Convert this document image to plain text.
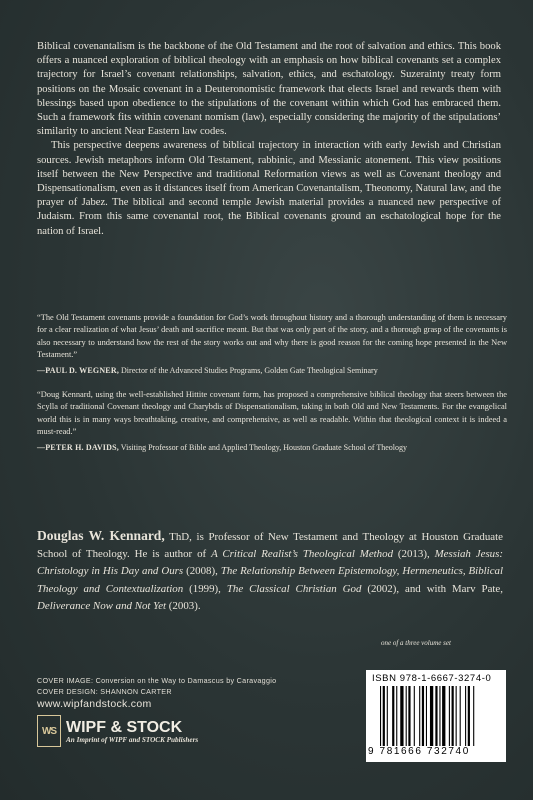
Biblical covenantalism is the backbone of the Old Testament and the root of salvation and ethics. This book offers a nuanced exploration of biblical theology with an emphasis on how biblical covenants set a complex trajectory for Israel’s covenant relationships, salvation, ethics, and eschatology. Suzerainty treaty form positions on the Mosaic covenant in a Deuteronomistic framework that elects Israel and rewards them with blessings based upon obedience to the stipulations of the covenant within which God has embraced them. Such a framework fits within covenant nomism (law), especially considering the majority of the stipulations’ similarity to ancient Near Eastern law codes.

This perspective deepens awareness of biblical trajectory in interaction with early Jewish and Christian sources. Jewish metaphors inform Old Testament, rabbinic, and Messianic atonement. This view positions itself between the New Perspective and traditional Reformation views as well as Covenant theology and Dispensationalism, even as it distances itself from American Covenantalism, Theonomy, Natural law, and the prayer of Jabez. The biblical and second temple Jewish material provides a nuanced new perspective of Judaism. From this same covenantal root, the Biblical covenants ground an eschatological hope for the nation of Israel.

“The Old Testament covenants provide a foundation for God’s work throughout history and a thorough understanding of them is necessary for a clear realization of what Jesus’ death and sacrifice meant. But that was only part of the story, and a thorough grasp of the covenants is also necessary to understand how the rest of the story works out and why there is good reason for the coming hope presented in the New Testament.”
—PAUL D. WEGNER, Director of the Advanced Studies Programs, Golden Gate Theological Seminary
“Doug Kennard, using the well-established Hittite covenant form, has proposed a comprehensive biblical theology that steers between the Scylla of traditional Covenant theology and Charybdis of Dispensationalism, taking in both Old and New Testaments. For the evangelical world this is in many ways breathtaking, creative, and comprehensive, as well as readable. Within that theological context it is indeed a must-read.”
—PETER H. DAVIDS, Visiting Professor of Bible and Applied Theology, Houston Graduate School of Theology

Douglas W. Kennard, ThD, is Professor of New Testament and Theology at Houston Graduate School of Theology. He is author of A Critical Realist’s Theological Method (2013), Messiah Jesus: Christology in His Day and Ours (2008), The Relationship Between Epistemology, Hermeneutics, Biblical Theology and Contextualization (1999), The Classical Christian God (2002), and with Marv Pate, Deliverance Now and Not Yet (2003).

one of a three volume set
COVER IMAGE: Conversion on the Way to Damascus by Caravaggio
COVER DESIGN: SHANNON CARTER
www.wipfandstock.com
WS WIPF & STOCK
An Imprint of WIPF and STOCK Publishers
ISBN 978-1-6667-3274-0
9 781666 732740
